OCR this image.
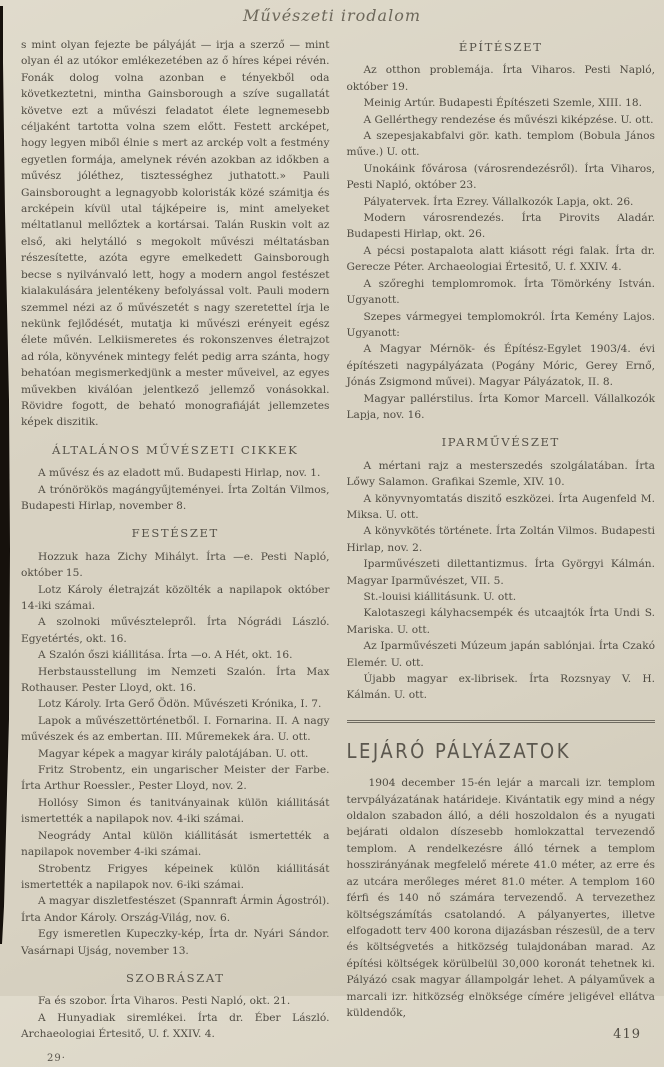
Művészeti irodalom

s mint olyan fejezte be pályáját — irja a szerző — mint olyan él az utókor emlékezetében az ő híres képei révén. Fonák dolog volna azonban e tényekből oda következtetni, mintha Gainsborough a szíve sugallatát követve ezt a művészi feladatot élete legnemesebb céljaként tartotta volna szem előtt. Festett arcképet, hogy legyen miből élnie s mert az arckép volt a festmény egyetlen formája, amelynek révén azokban az időkben a művész jóléthez, tisztességhez juthatott.» Pauli Gainsborought a legnagyobb koloristák közé számitja és arcképein kívül utal tájképeire is, mint amelyeket méltatlanul mellőztek a kortársai. Talán Ruskin volt az első, aki helytálló s megokolt művészi méltatásban részesítette, azóta egyre emelkedett Gainsborough becse s nyilvánvaló lett, hogy a modern angol festészet kialakulására jelentékeny befolyással volt. Pauli modern szemmel nézi az ő művészetét s nagy szeretettel írja le nekünk fejlődését, mutatja ki művészi erényeit egész élete művén. Lelkiismeretes és rokonszenves életrajzot ad róla, könyvének mintegy felét pedig arra szánta, hogy behatóan megismerkedjünk a mester műveivel, az egyes művekben kiválóan jelentkező jellemző vonásokkal. Rövidre fogott, de beható monografiáját jellemzetes képek diszitik.

ÁLTALÁNOS MŰVÉSZETI CIKKEK

A művész és az eladott mű. Budapesti Hirlap, nov. 1.

A trónörökös magángyűjteményei. Írta Zoltán Vilmos, Budapesti Hirlap, november 8.

FESTÉSZET

Hozzuk haza Zichy Mihályt. Írta —e. Pesti Napló, október 15.

Lotz Károly életrajzát közölték a napilapok október 14-iki számai.

A szolnoki művésztelepről. Írta Nógrádi László. Egyetértés, okt. 16.

A Szalón őszi kiállitása. Írta —o. A Hét, okt. 16.

Herbstausstellung im Nemzeti Szalón. Írta Max Rothauser. Pester Lloyd, okt. 16.

Lotz Károly. Irta Gerő Ödön. Művészeti Krónika, I. 7.

Lapok a művészettörténetből. I. Fornarina. II. A nagy művészek és az embertan. III. Műremekek ára. U. ott.

Magyar képek a magyar király palotájában. U. ott.

Fritz Strobentz, ein ungarischer Meister der Farbe. Írta Arthur Roessler., Pester Lloyd, nov. 2.

Hollósy Simon és tanitványainak külön kiállitását ismertették a napilapok nov. 4-iki számai.

Neogrády Antal külön kiállitását ismertették a napilapok november 4-iki számai.

Strobentz Frigyes képeinek külön kiállitását ismertették a napilapok nov. 6-iki számai.

A magyar diszletfestészet (Spannraft Ármin Ágostról). Írta Andor Károly. Ország-Világ, nov. 6.

Egy ismeretlen Kupeczky-kép, Írta dr. Nyári Sándor. Vasárnapi Ujság, november 13.

SZOBRÁSZAT

Fa és szobor. Írta Viharos. Pesti Napló, okt. 21.

A Hunyadiak siremlékei. Írta dr. Éber László. Archaeologiai Értesitő, U. f. XXIV. 4.

29·

ÉPÍTÉSZET

Az otthon problemája. Írta Viharos. Pesti Napló, október 19.

Meinig Artúr. Budapesti Építészeti Szemle, XIII. 18.

A Gellérthegy rendezése és művészi kiképzése. U. ott.

A szepesjakabfalvi gör. kath. templom (Bobula János műve.) U. ott.

Unokáink fővárosa (városrendezésről). Írta Viharos, Pesti Napló, október 23.

Pályatervek. Írta Ezrey. Vállalkozók Lapja, okt. 26.

Modern városrendezés. Írta Pirovits Aladár. Budapesti Hirlap, okt. 26.

A pécsi postapalota alatt kiásott régi falak. Írta dr. Gerecze Péter. Archaeologiai Értesitő, U. f. XXIV. 4.

A szőreghi templomromok. Írta Tömörkény István. Ugyanott.

Szepes vármegyei templomokról. Írta Kemény Lajos. Ugyanott:

A Magyar Mérnök- és Építész-Egylet 1903/4. évi építészeti nagypályázata (Pogány Móric, Gerey Ernő, Jónás Zsigmond művei). Magyar Pályázatok, II. 8.

Magyar pallérstilus. Írta Komor Marcell. Vállalkozók Lapja, nov. 16.

IPARMŰVÉSZET

A mértani rajz a mesterszedés szolgálatában. Írta Lőwy Salamon. Grafikai Szemle, XIV. 10.

A könyvnyomtatás diszitő eszközei. Írta Augenfeld M. Miksa. U. ott.

A könyvkötés története. Írta Zoltán Vilmos. Budapesti Hirlap, nov. 2.

Iparművészeti dilettantizmus. Írta Györgyi Kálmán. Magyar Iparművészet, VII. 5.

St.-louisi kiállitásunk. U. ott.

Kalotaszegi kályhacsempék és utcaajtók Írta Undi S. Mariska. U. ott.

Az Iparművészeti Múzeum japán sablónjai. Írta Czakó Elemér. U. ott.

Újabb magyar ex-librisek. Írta Rozsnyay V. H. Kálmán. U. ott.

LEJÁRÓ PÁLYÁZATOK

1904 december 15-én lejár a marcali izr. templom tervpályázatának határideje. Kivántatik egy mind a négy oldalon szabadon álló, a déli hoszoldalon és a nyugati bejárati oldalon díszesebb homlokzattal tervezendő templom. A rendelkezésre álló térnek a templom hosszirányának megfelelő mérete 41.0 méter, az erre és az utcára merőleges méret 81.0 méter. A templom 160 férfi és 140 nő számára tervezendő. A tervezethez költségszámítás csatolandó. A pályanyertes, illetve elfogadott terv 400 korona dijazásban részesül, de a terv és költségvetés a hitközség tulajdonában marad. Az építési költségek körülbelül 30,000 koronát tehetnek ki. Pályázó csak magyar állampolgár lehet. A pályaművek a marcali izr. hitközség elnöksége címére jeligével ellátva küldendők,

419
